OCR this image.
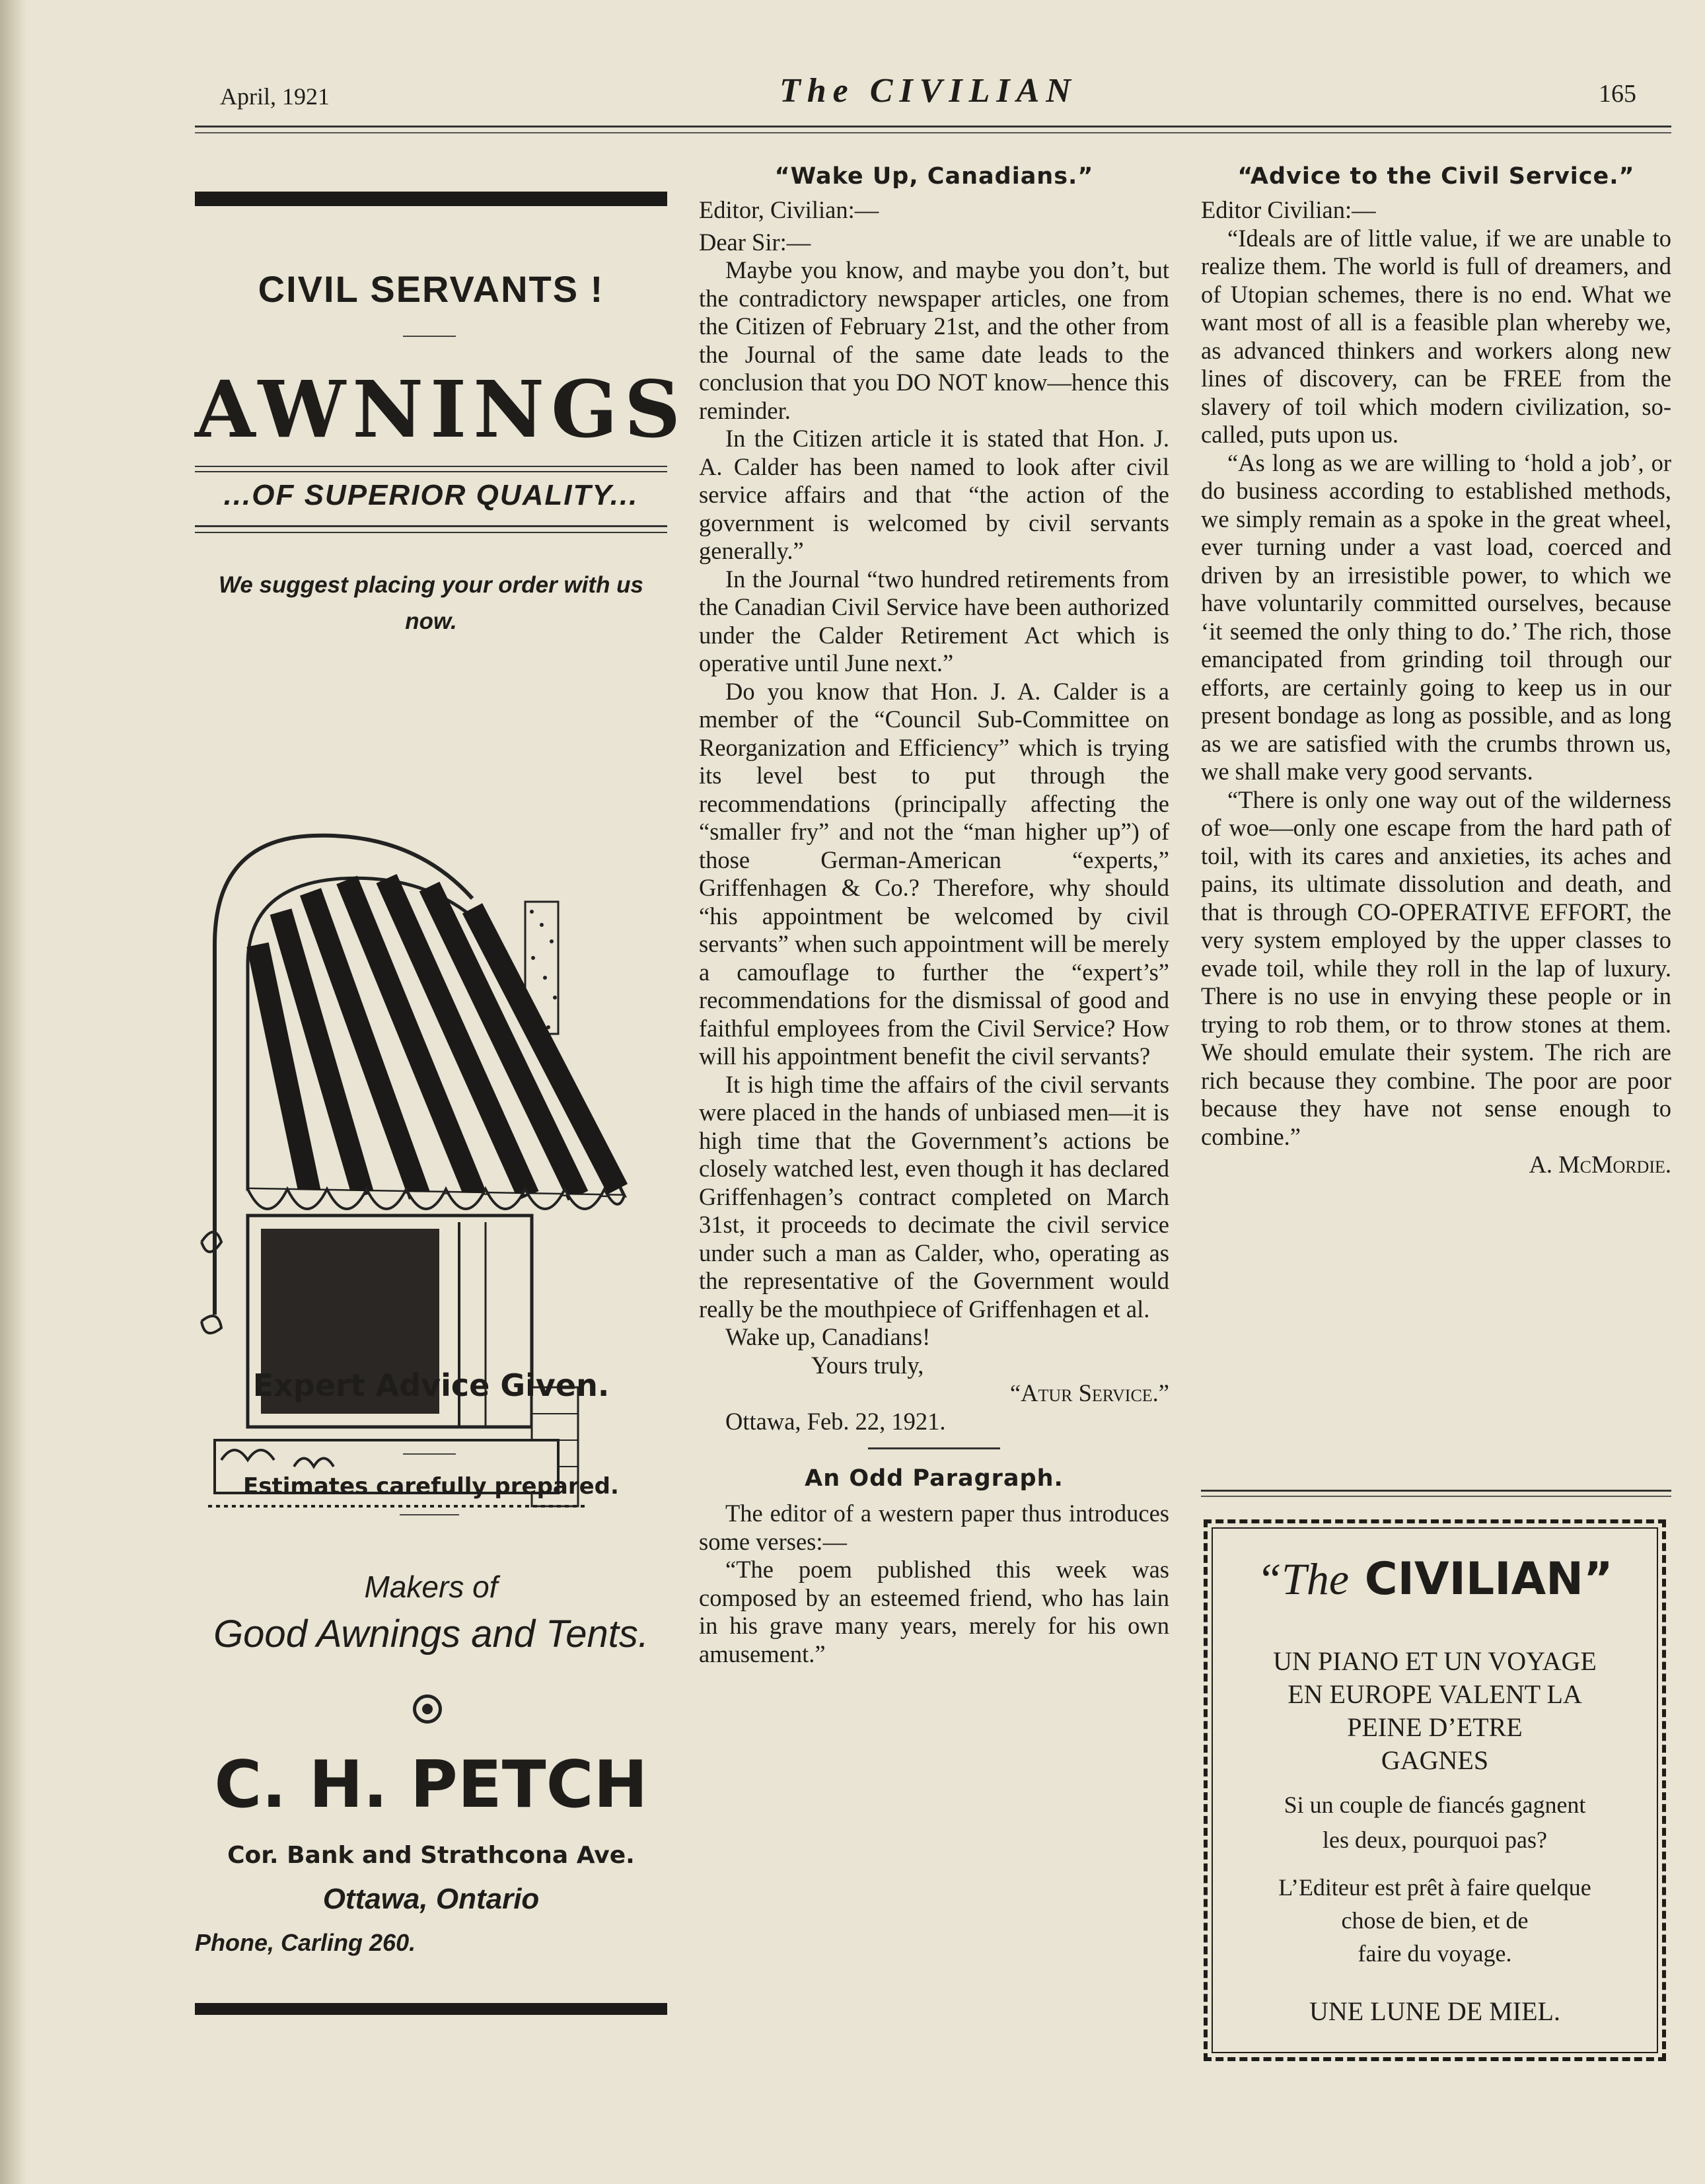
April, 1921	The CIVILIAN	165
CIVIL SERVANTS !
AWNINGS
...OF SUPERIOR QUALITY...
We suggest placing your order with us now.
Expert Advice Given.
Estimates carefully prepared.
Makers of
Good Awnings and Tents.
C. H. PETCH
Cor. Bank and Strathcona Ave.
Ottawa, Ontario
Phone, Carling 260.
“Wake Up, Canadians.”

Editor, Civilian:—

Dear Sir:—

Maybe you know, and maybe you don’t, but the contradictory newspaper articles, one from the Citizen of February 21st, and the other from the Journal of the same date leads to the conclusion that you DO NOT know—hence this reminder.

In the Citizen article it is stated that Hon. J. A. Calder has been named to look after civil service affairs and that “the action of the government is welcomed by civil servants generally.”

In the Journal “two hundred retirements from the Canadian Civil Service have been authorized under the Calder Retirement Act which is operative until June next.”

Do you know that Hon. J. A. Calder is a member of the “Council Sub-Committee on Reorganization and Efficiency” which is trying its level best to put through the recommendations (principally affecting the “smaller fry” and not the “man higher up”) of those German-American “experts,” Griffenhagen & Co.? Therefore, why should “his appointment be welcomed by civil servants” when such appointment will be merely a camouflage to further the “expert’s” recommendations for the dismissal of good and faithful employees from the Civil Service? How will his appointment benefit the civil servants?

It is high time the affairs of the civil servants were placed in the hands of unbiased men—it is high time that the Government’s actions be closely watched lest, even though it has declared Griffenhagen’s contract completed on March 31st, it proceeds to decimate the civil service under such a man as Calder, who, operating as the representative of the Government would really be the mouthpiece of Griffenhagen et al.

Wake up, Canadians!

Yours truly,

“Atur Service.”

Ottawa, Feb. 22, 1921.

An Odd Paragraph.

The editor of a western paper thus introduces some verses:—

“The poem published this week was composed by an esteemed friend, who has lain in his grave many years, merely for his own amusement.”

“Advice to the Civil Service.”

Editor Civilian:—

“Ideals are of little value, if we are unable to realize them. The world is full of dreamers, and of Utopian schemes, there is no end. What we want most of all is a feasible plan whereby we, as advanced thinkers and workers along new lines of discovery, can be FREE from the slavery of toil which modern civilization, so-called, puts upon us.

“As long as we are willing to ‘hold a job’, or do business according to established methods, we simply remain as a spoke in the great wheel, ever turning under a vast load, coerced and driven by an irresistible power, to which we have voluntarily committed ourselves, because ‘it seemed the only thing to do.’ The rich, those emancipated from grinding toil through our efforts, are certainly going to keep us in our present bondage as long as possible, and as long as we are satisfied with the crumbs thrown us, we shall make very good servants.

“There is only one way out of the wilderness of woe—only one escape from the hard path of toil, with its cares and anxieties, its aches and pains, its ultimate dissolution and death, and that is through CO-OPERATIVE EFFORT, the very system employed by the upper classes to evade toil, while they roll in the lap of luxury. There is no use in envying these people or in trying to rob them, or to throw stones at them. We should emulate their system. The rich are rich because they combine. The poor are poor because they have not sense enough to combine.”

A. McMordie.

“The CIVILIAN”
UN PIANO ET UN VOYAGE
EN EUROPE VALENT LA
PEINE D’ETRE
GAGNES
Si un couple de fiancés gagnent
les deux, pourquoi pas?
L’Editeur est prêt à faire quelque
chose de bien, et de
faire du voyage.
UNE LUNE DE MIEL.
